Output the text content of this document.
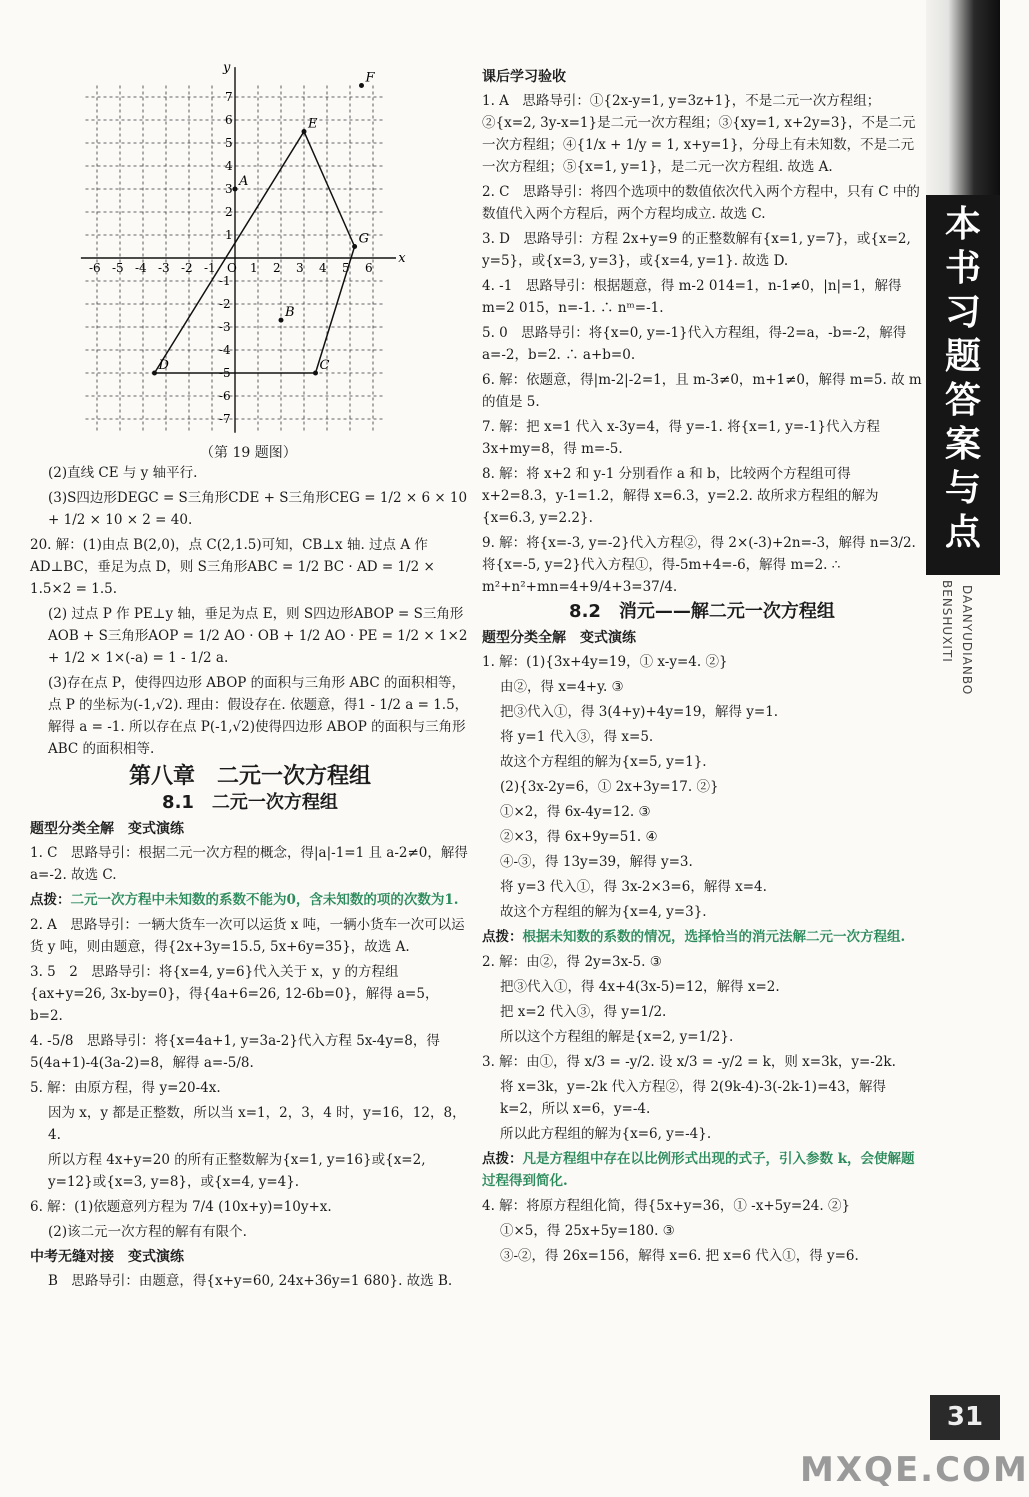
x
y
-6 -5 -4 -3 -2 -1 O 1 2 3 4 5 6
7
6
5
4
3
2
1
-1
-2
-3
-4
-5
-6
-7
A
B
C
D
E
F
G
（第 19 题图）
(2)直线 CE 与 y 轴平行.
(3)S四边形DEGC = S三角形CDE + S三角形CEG = 1/2 × 6 × 10 + 1/2 × 10 × 2 = 40.
20. 解：(1)由点 B(2,0)，点 C(2,1.5)可知，CB⊥x 轴. 过点 A 作 AD⊥BC，垂足为点 D，则 S三角形ABC = 1/2 BC · AD = 1/2 × 1.5×2 = 1.5.
(2) 过点 P 作 PE⊥y 轴，垂足为点 E，则 S四边形ABOP = S三角形AOB + S三角形AOP = 1/2 AO · OB + 1/2 AO · PE = 1/2 × 1×2 + 1/2 × 1×(-a) = 1 - 1/2 a.
(3)存在点 P，使得四边形 ABOP 的面积与三角形 ABC 的面积相等，点 P 的坐标为(-1,√2). 理由：假设存在. 依题意，得1 - 1/2 a = 1.5，解得 a = -1. 所以存在点 P(-1,√2)使得四边形 ABOP 的面积与三角形 ABC 的面积相等.
第八章　二元一次方程组
8.1　二元一次方程组
题型分类全解　变式演练
1. C　思路导引：根据二元一次方程的概念，得|a|-1=1 且 a-2≠0，解得 a=-2. 故选 C.
点拨：二元一次方程中未知数的系数不能为0，含未知数的项的次数为1.
2. A　思路导引：一辆大货车一次可以运货 x 吨，一辆小货车一次可以运货 y 吨，则由题意，得{2x+3y=15.5, 5x+6y=35}，故选 A.
3. 5　2　思路导引：将{x=4, y=6}代入关于 x，y 的方程组{ax+y=26, 3x-by=0}，得{4a+6=26, 12-6b=0}，解得 a=5，b=2.
4. -5/8　思路导引：将{x=4a+1, y=3a-2}代入方程 5x-4y=8，得 5(4a+1)-4(3a-2)=8，解得 a=-5/8.
5. 解：由原方程，得 y=20-4x.
因为 x，y 都是正整数，所以当 x=1，2，3，4 时，y=16，12，8，4.
所以方程 4x+y=20 的所有正整数解为{x=1, y=16}或{x=2, y=12}或{x=3, y=8}，或{x=4, y=4}.
6. 解：(1)依题意列方程为 7/4 (10x+y)=10y+x.
(2)该二元一次方程的解有有限个.
中考无缝对接　变式演练
B　思路导引：由题意，得{x+y=60, 24x+36y=1 680}. 故选 B.
课后学习验收
1. A　思路导引：①{2x-y=1, y=3z+1}，不是二元一次方程组；②{x=2, 3y-x=1}是二元一次方程组；③{xy=1, x+2y=3}，不是二元一次方程组；④{1/x + 1/y = 1, x+y=1}，分母上有未知数，不是二元一次方程组；⑤{x=1, y=1}，是二元一次方程组. 故选 A.
2. C　思路导引：将四个选项中的数值依次代入两个方程中，只有 C 中的数值代入两个方程后，两个方程均成立. 故选 C.
3. D　思路导引：方程 2x+y=9 的正整数解有{x=1, y=7}，或{x=2, y=5}，或{x=3, y=3}，或{x=4, y=1}. 故选 D.
4. -1　思路导引：根据题意，得 m-2 014=1，n-1≠0，|n|=1，解得 m=2 015，n=-1. ∴ nᵐ=-1.
5. 0　思路导引：将{x=0, y=-1}代入方程组，得-2=a，-b=-2，解得 a=-2，b=2. ∴ a+b=0.
6. 解：依题意，得|m-2|-2=1，且 m-3≠0，m+1≠0，解得 m=5. 故 m 的值是 5.
7. 解：把 x=1 代入 x-3y=4，得 y=-1. 将{x=1, y=-1}代入方程 3x+my=8，得 m=-5.
8. 解：将 x+2 和 y-1 分别看作 a 和 b，比较两个方程组可得 x+2=8.3，y-1=1.2，解得 x=6.3，y=2.2. 故所求方程组的解为{x=6.3, y=2.2}.
9. 解：将{x=-3, y=-2}代入方程②，得 2×(-3)+2n=-3，解得 n=3/2. 将{x=-5, y=2}代入方程①，得-5m+4=-6，解得 m=2. ∴ m²+n²+mn=4+9/4+3=37/4.
8.2　消元——解二元一次方程组
题型分类全解　变式演练
1. 解：(1){3x+4y=19，① x-y=4. ②}
由②，得 x=4+y. ③
把③代入①，得 3(4+y)+4y=19，解得 y=1.
将 y=1 代入③，得 x=5.
故这个方程组的解为{x=5, y=1}.
(2){3x-2y=6，① 2x+3y=17. ②}
①×2，得 6x-4y=12. ③
②×3，得 6x+9y=51. ④
④-③，得 13y=39，解得 y=3.
将 y=3 代入①，得 3x-2×3=6，解得 x=4.
故这个方程组的解为{x=4, y=3}.
点拨：根据未知数的系数的情况，选择恰当的消元法解二元一次方程组.
2. 解：由②，得 2y=3x-5. ③
把③代入①，得 4x+4(3x-5)=12，解得 x=2.
把 x=2 代入③，得 y=1/2.
所以这个方程组的解是{x=2, y=1/2}.
3. 解：由①，得 x/3 = -y/2. 设 x/3 = -y/2 = k，则 x=3k，y=-2k.
将 x=3k，y=-2k 代入方程②，得 2(9k-4)-3(-2k-1)=43，解得 k=2，所以 x=6，y=-4.
所以此方程组的解为{x=6, y=-4}.
点拨：凡是方程组中存在以比例形式出现的式子，引入参数 k，会使解题过程得到简化.
4. 解：将原方程组化简，得{5x+y=36，① -x+5y=24. ②}
①×5，得 25x+5y=180. ③
③-②，得 26x=156，解得 x=6. 把 x=6 代入①，得 y=6.
本
书
习
题
答
案
与
点
BENSHUXITI DAANYUDIANBO
31
MXQE.COM
